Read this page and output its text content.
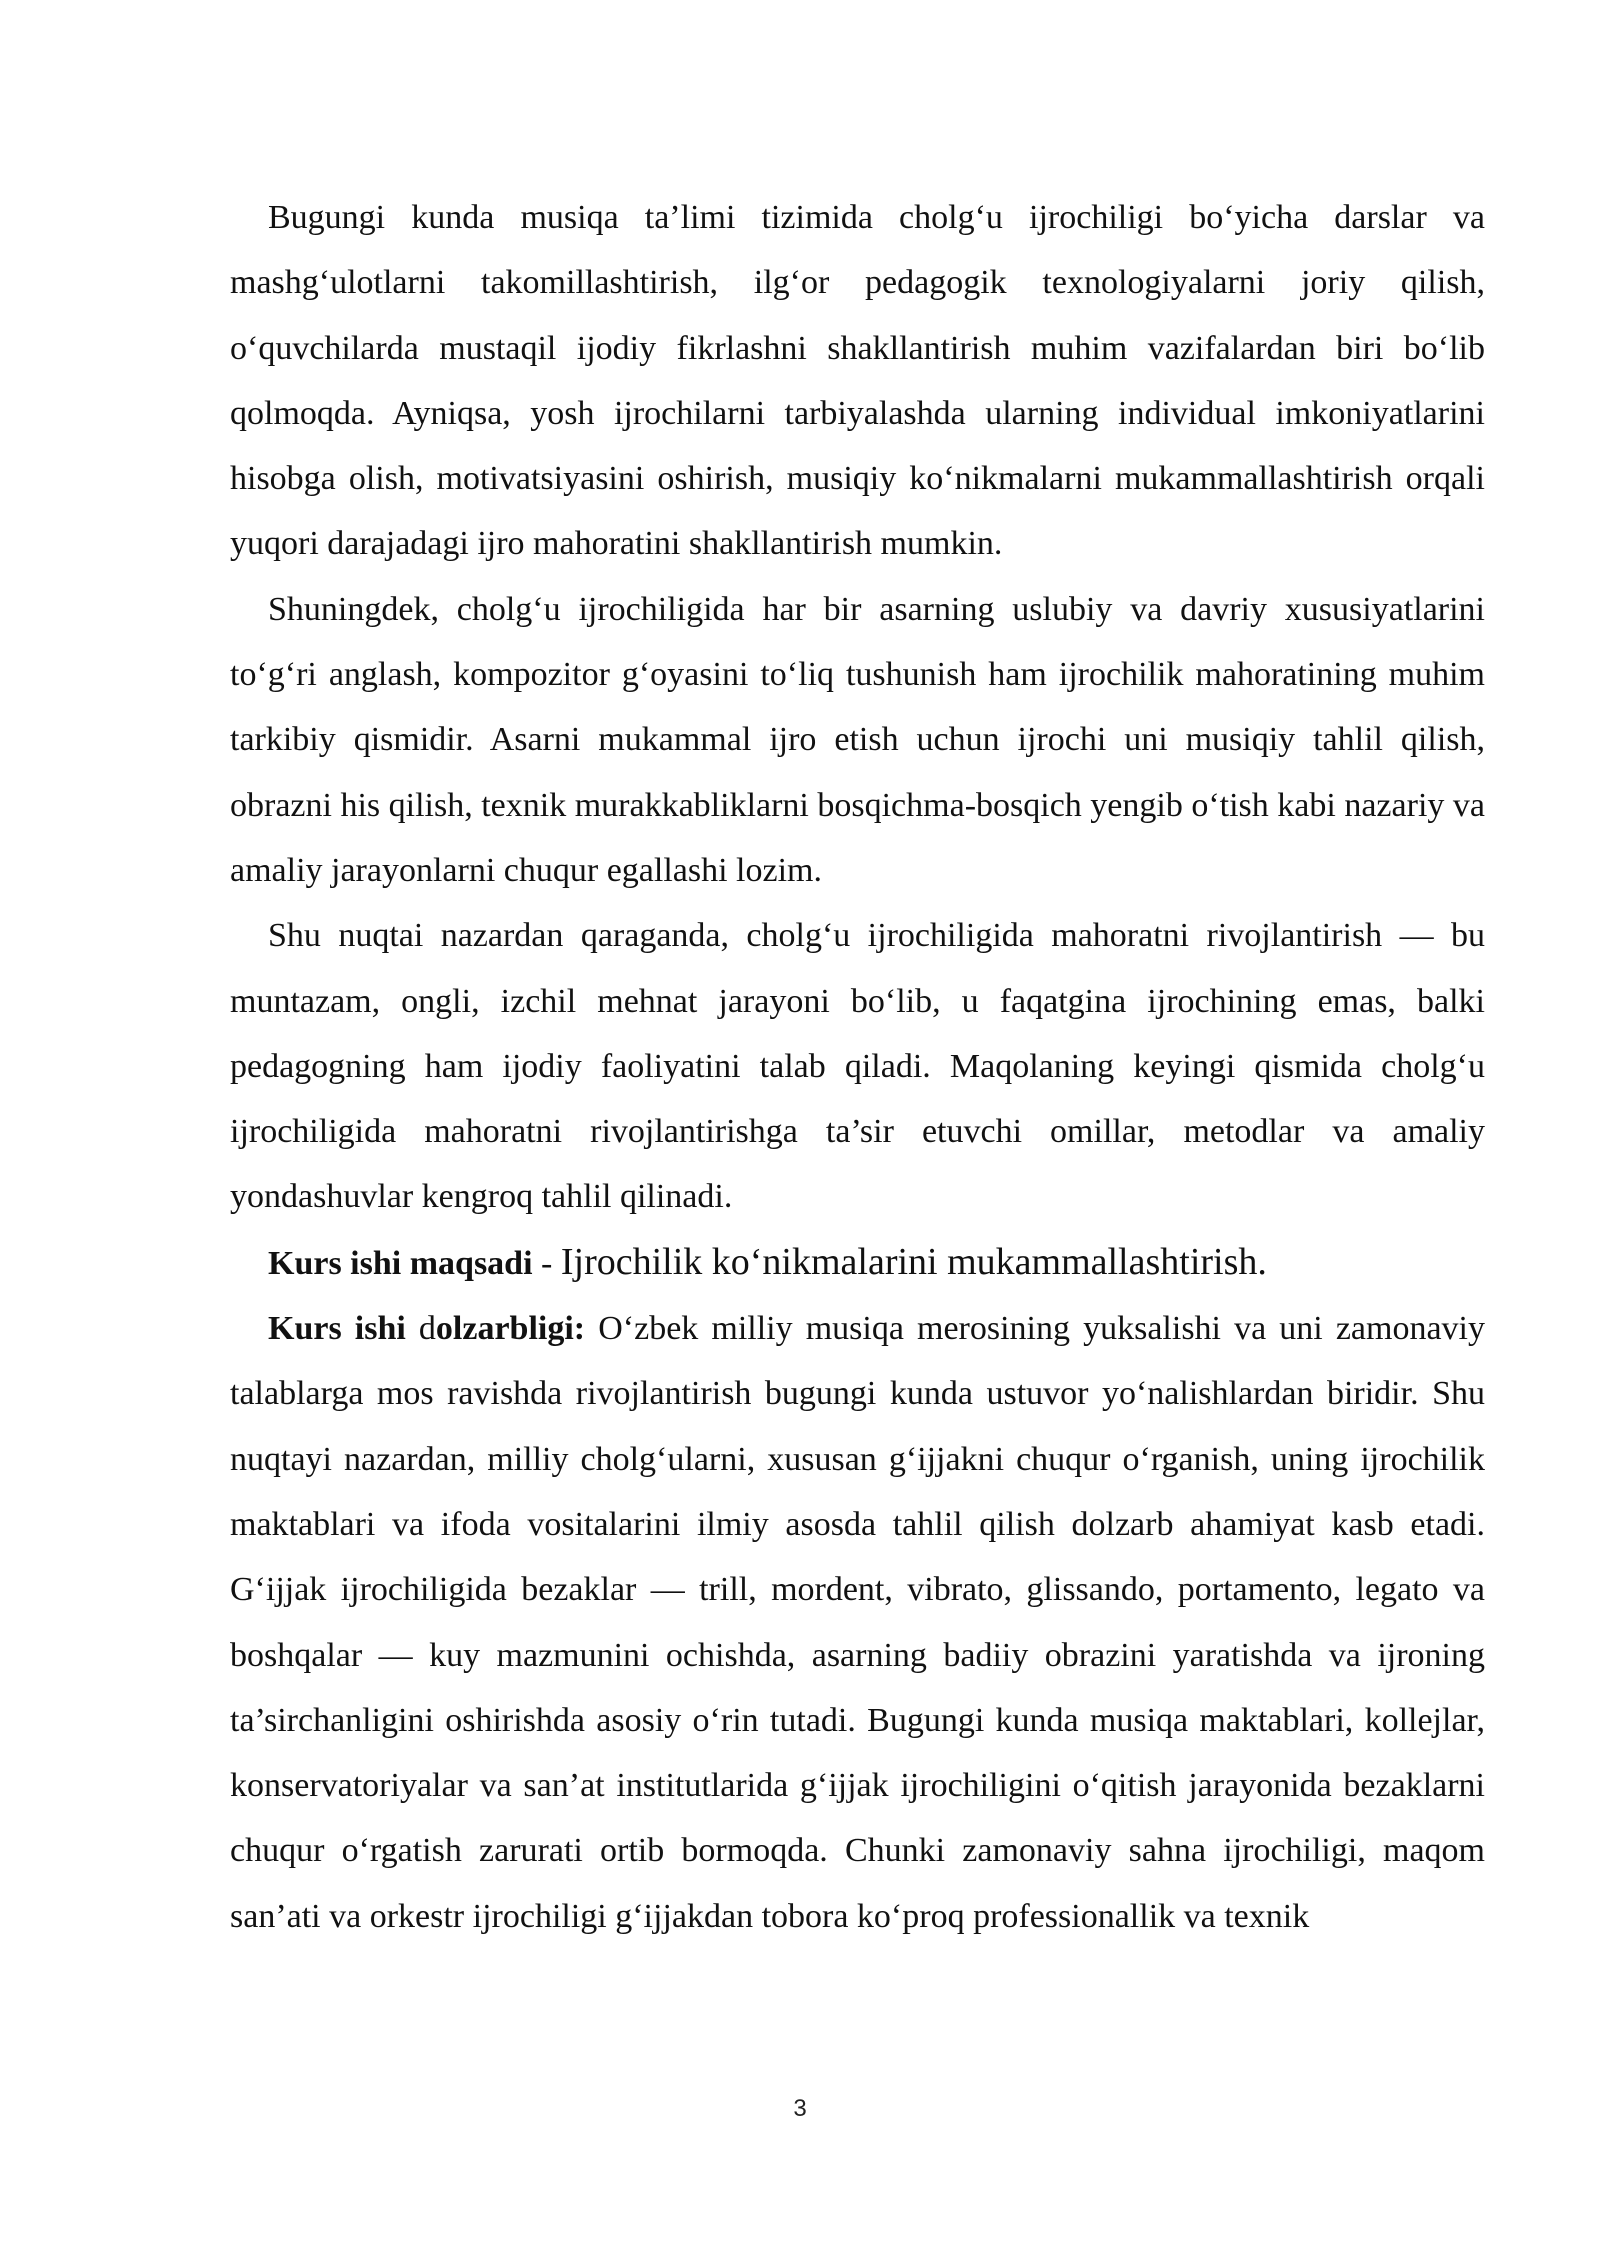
Bugungi kunda musiqa ta’limi tizimida cholg‘u ijrochiligi bo‘yicha darslar va mashg‘ulotlarni takomillashtirish, ilg‘or pedagogik texnologiyalarni joriy qilish, o‘quvchilarda mustaqil ijodiy fikrlashni shakllantirish muhim vazifalardan biri bo‘lib qolmoqda. Ayniqsa, yosh ijrochilarni tarbiyalashda ularning individual imkoniyatlarini hisobga olish, motivatsiyasini oshirish, musiqiy ko‘nikmalarni mukammallashtirish orqali yuqori darajadagi ijro mahoratini shakllantirish mumkin.

Shuningdek, cholg‘u ijrochiligida har bir asarning uslubiy va davriy xususiyatlarini to‘g‘ri anglash, kompozitor g‘oyasini to‘liq tushunish ham ijrochilik mahoratining muhim tarkibiy qismidir. Asarni mukammal ijro etish uchun ijrochi uni musiqiy tahlil qilish, obrazni his qilish, texnik murakkabliklarni bosqichma-bosqich yengib o‘tish kabi nazariy va amaliy jarayonlarni chuqur egallashi lozim.

Shu nuqtai nazardan qaraganda, cholg‘u ijrochiligida mahoratni rivojlantirish — bu muntazam, ongli, izchil mehnat jarayoni bo‘lib, u faqatgina ijrochining emas, balki pedagogning ham ijodiy faoliyatini talab qiladi. Maqolaning keyingi qismida cholg‘u ijrochiligida mahoratni rivojlantirishga ta’sir etuvchi omillar, metodlar va amaliy yondashuvlar kengroq tahlil qilinadi.

Kurs ishi maqsadi - Ijrochilik ko‘nikmalarini mukammallashtirish.

Kurs ishi dolzarbligi: O‘zbek milliy musiqa merosining yuksalishi va uni zamonaviy talablarga mos ravishda rivojlantirish bugungi kunda ustuvor yo‘nalishlardan biridir. Shu nuqtayi nazardan, milliy cholg‘ularni, xususan g‘ijjakni chuqur o‘rganish, uning ijrochilik maktablari va ifoda vositalarini ilmiy asosda tahlil qilish dolzarb ahamiyat kasb etadi. G‘ijjak ijrochiligida bezaklar — trill, mordent, vibrato, glissando, portamento, legato va boshqalar — kuy mazmunini ochishda, asarning badiiy obrazini yaratishda va ijroning ta’sirchanligini oshirishda asosiy o‘rin tutadi. Bugungi kunda musiqa maktablari, kollejlar, konservatoriyalar va san’at institutlarida g‘ijjak ijrochiligini o‘qitish jarayonida bezaklarni chuqur o‘rgatish zarurati ortib bormoqda. Chunki zamonaviy sahna ijrochiligi, maqom san’ati va orkestr ijrochiligi g‘ijjakdan tobora ko‘proq professionallik va texnik

3
